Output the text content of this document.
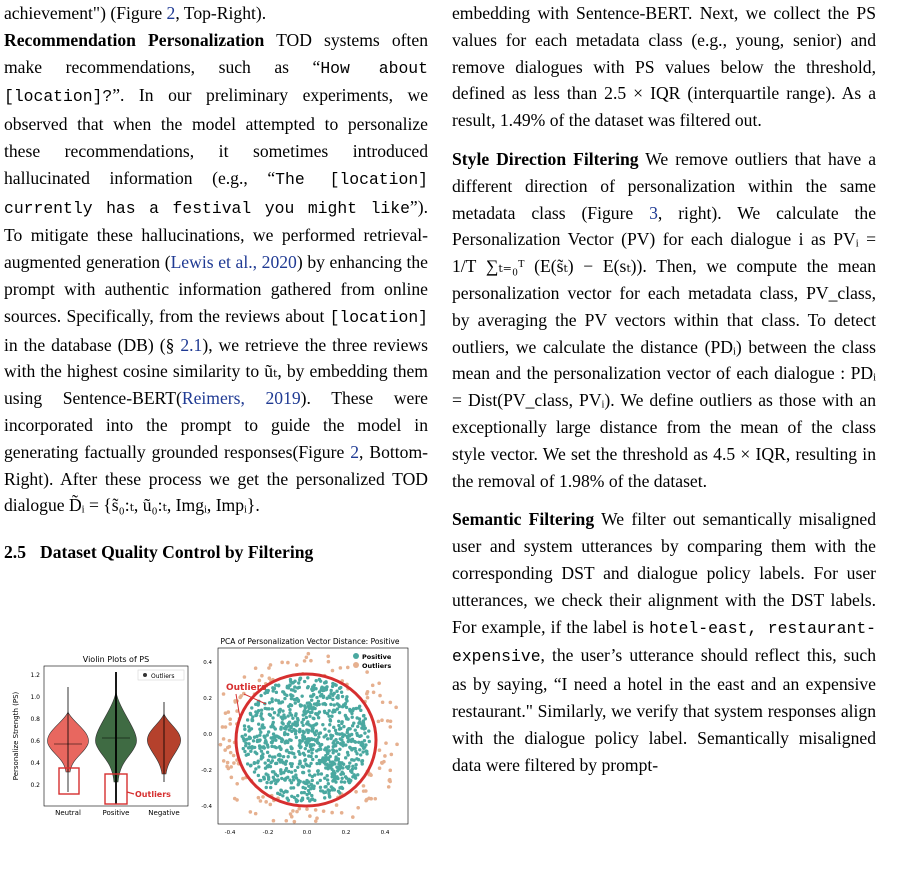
achievement") (Figure 2, Top-Right).

Recommendation Personalization TOD systems often make recommendations, such as “How about [location]?”. In our preliminary experiments, we observed that when the model attempted to personalize these recommendations, it sometimes introduced hallucinated information (e.g., “The [location] currently has a festival you might like”). To mitigate these hallucinations, we performed retrieval-augmented generation (Lewis et al., 2020) by enhancing the prompt with authentic information gathered from online sources. Specifically, from the reviews about [location] in the database (DB) (§ 2.1), we retrieve the three reviews with the highest cosine similarity to ũₜ, by embedding them using Sentence-BERT(Reimers, 2019). These were incorporated into the prompt to guide the model in generating factually grounded responses(Figure 2, Bottom-Right). After these process we get the personalized TOD dialogue D̃ᵢ = {s̃₀:ₜ, ũ₀:ₜ, Imgᵢ, Impᵢ}.

2.5 Dataset Quality Control by Filtering
Violin Plots of PS
Outliers
Personalize Strength (PS)
1.2
1.0
0.8
0.6
0.4
0.2
Outliers
Neutral	Positive	Negative
PCA of Personalization Vector Distance: Positive
0.4
0.2
0.0
-0.2
-0.4
-0.4	-0.2	0.0	0.2	0.4
Outliers
Positive
Outliers

embedding with Sentence-BERT. Next, we collect the PS values for each metadata class (e.g., young, senior) and remove dialogues with PS values below the threshold, defined as less than 2.5 × IQR (interquartile range). As a result, 1.49% of the dataset was filtered out.

Style Direction Filtering We remove outliers that have a different direction of personalization within the same metadata class (Figure 3, right). We calculate the Personalization Vector (PV) for each dialogue i as PVᵢ = 1/T ∑ₜ₌₀ᵀ (E(s̃ₜ) − E(sₜ)). Then, we compute the mean personalization vector for each metadata class, PV_class, by averaging the PV vectors within that class. To detect outliers, we calculate the distance (PDᵢ) between the class mean and the personalization vector of each dialogue : PDᵢ = Dist(PV_class, PVᵢ). We define outliers as those with an exceptionally large distance from the mean of the class style vector. We set the threshold as 4.5 × IQR, resulting in the removal of 1.98% of the dataset.

Semantic Filtering We filter out semantically misaligned user and system utterances by comparing them with the corresponding DST and dialogue policy labels. For user utterances, we check their alignment with the DST labels. For example, if the label is hotel-east, restaurant-expensive, the user’s utterance should reflect this, such as by saying, “I need a hotel in the east and an expensive restaurant." Similarly, we verify that system responses align with the dialogue policy label. Semantically misaligned data were filtered by prompt-
